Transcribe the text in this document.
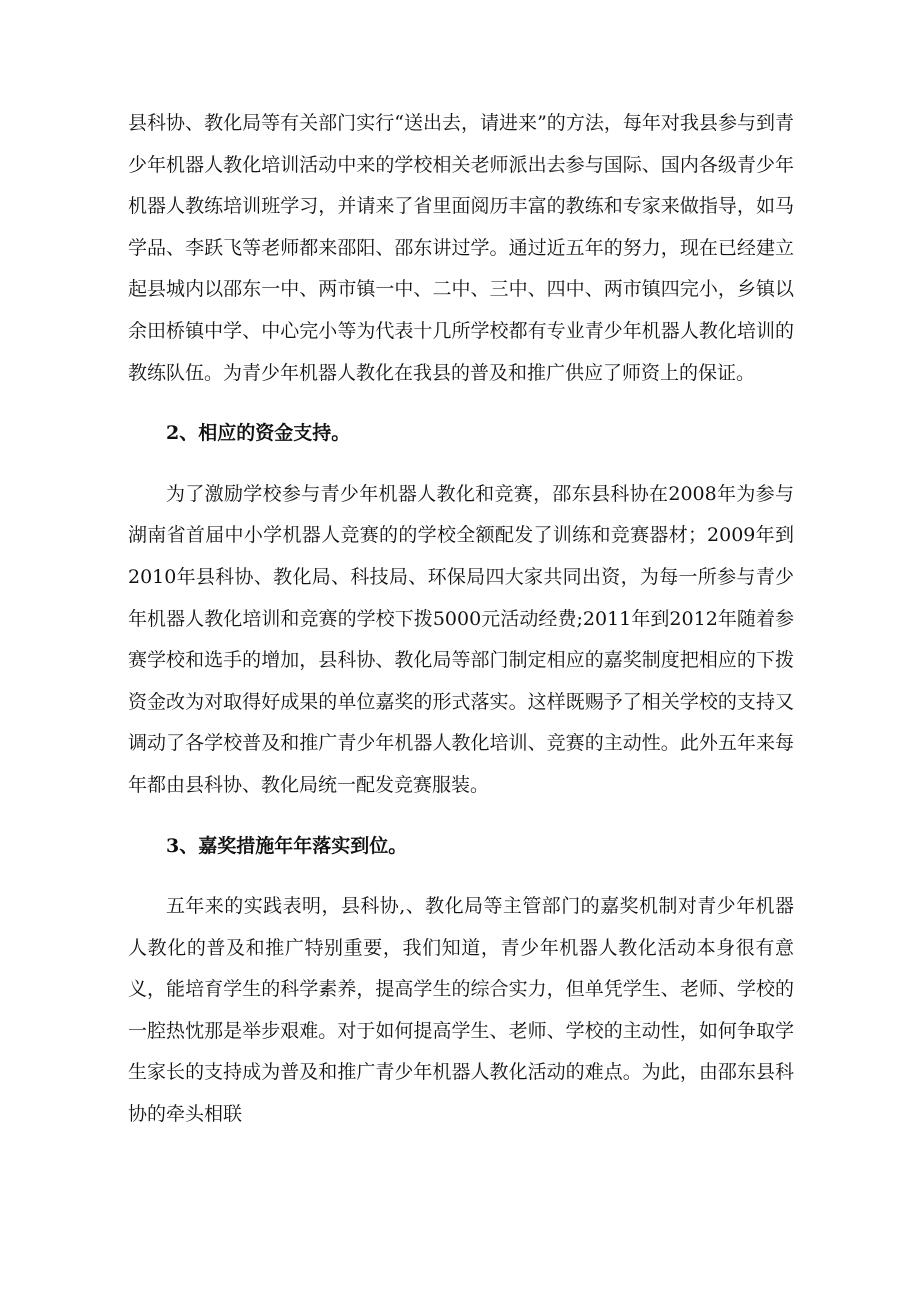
县科协、教化局等有关部门实行“送出去，请进来”的方法，每年对我县参与到青少年机器人教化培训活动中来的学校相关老师派出去参与国际、国内各级青少年机器人教练培训班学习，并请来了省里面阅历丰富的教练和专家来做指导，如马学品、李跃飞等老师都来邵阳、邵东讲过学。通过近五年的努力，现在已经建立起县城内以邵东一中、两市镇一中、二中、三中、四中、两市镇四完小，乡镇以余田桥镇中学、中心完小等为代表十几所学校都有专业青少年机器人教化培训的教练队伍。为青少年机器人教化在我县的普及和推广供应了师资上的保证。

2、相应的资金支持。

为了激励学校参与青少年机器人教化和竞赛，邵东县科协在2008年为参与湖南省首届中小学机器人竞赛的的学校全额配发了训练和竞赛器材；2009年到2010年县科协、教化局、科技局、环保局四大家共同出资，为每一所参与青少年机器人教化培训和竞赛的学校下拨5000元活动经费;2011年到2012年随着参赛学校和选手的增加，县科协、教化局等部门制定相应的嘉奖制度把相应的下拨资金改为对取得好成果的单位嘉奖的形式落实。这样既赐予了相关学校的支持又调动了各学校普及和推广青少年机器人教化培训、竞赛的主动性。此外五年来每年都由县科协、教化局统一配发竞赛服装。

3、嘉奖措施年年落实到位。

五年来的实践表明，县科协,、教化局等主管部门的嘉奖机制对青少年机器人教化的普及和推广特别重要，我们知道，青少年机器人教化活动本身很有意义，能培育学生的科学素养，提高学生的综合实力，但单凭学生、老师、学校的一腔热忱那是举步艰难。对于如何提高学生、老师、学校的主动性，如何争取学生家长的支持成为普及和推广青少年机器人教化活动的难点。为此，由邵东县科协的牵头相联
